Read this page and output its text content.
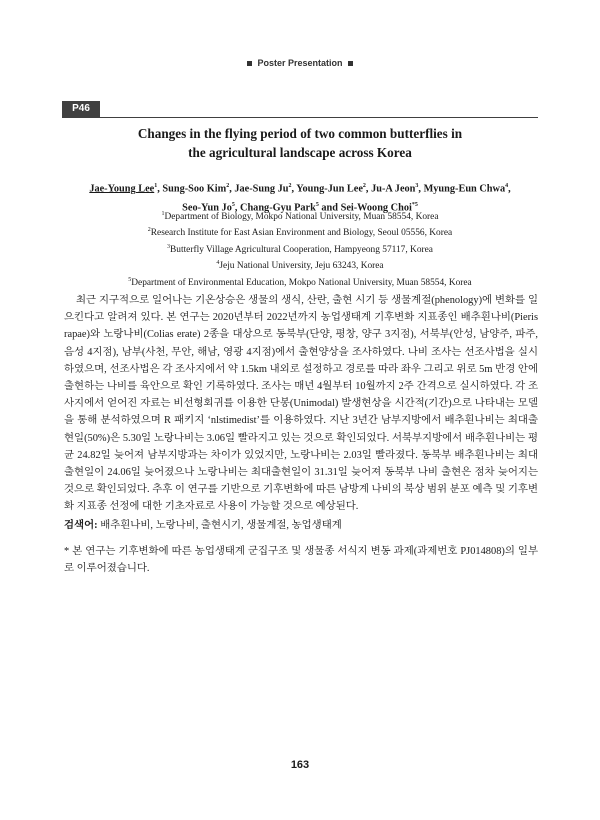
Poster Presentation
P46
Changes in the flying period of two common butterflies in
the agricultural landscape across Korea
Jae-Young Lee$^1$, Sung-Soo Kim$^2$, Jae-Sung Ju$^2$, Young-Jun Lee$^2$, Ju-A Jeon$^3$, Myung-Eun Chwa$^4$,
Seo-Yun Jo$^5$, Chang-Gyu Park$^5$ and Sei-Woong Choi$^{*5}$
$^1$Department of Biology, Mokpo National University, Muan 58554, Korea
$^2$Research Institute for East Asian Environment and Biology, Seoul 05556, Korea
$^3$Butterfly Village Agricultural Cooperation, Hampyeong 57117, Korea
$^4$Jeju National University, Jeju 63243, Korea
$^5$Department of Environmental Education, Mokpo National University, Muan 58554, Korea

최근 지구적으로 일어나는 기온상승은 생물의 생식, 산란, 출현 시기 등 생물계절(phenology)에 변화를 일으킨다고 알려져 있다. 본 연구는 2020년부터 2022년까지 농업생태계 기후변화 지표종인 배추흰나비(Pieris rapae)와 노랑나비(Colias erate) 2종을 대상으로 동북부(단양, 평창, 양구 3지점), 서북부(안성, 남양주, 파주, 음성 4지점), 남부(사천, 무안, 해남, 영광 4지점)에서 출현양상을 조사하였다. 나비 조사는 선조사법을 실시하였으며, 선조사법은 각 조사지에서 약 1.5km 내외로 설정하고 경로를 따라 좌우 그리고 위로 5m 반경 안에 출현하는 나비를 육안으로 확인 기록하였다. 조사는 매년 4월부터 10월까지 2주 간격으로 실시하였다. 각 조사지에서 얻어진 자료는 비선형회귀를 이용한 단봉(Unimodal) 발생현상을 시간적(기간)으로 나타내는 모델을 통해 분석하였으며 R 패키지 ‘nlstimedist’를 이용하였다. 지난 3년간 남부지방에서 배추흰나비는 최대출현일(50%)은 5.30일 노랑나비는 3.06일 빨라지고 있는 것으로 확인되었다. 서북부지방에서 배추흰나비는 평균 24.82일 늦어져 남부지방과는 차이가 있었지만, 노랑나비는 2.03일 빨라졌다. 동북부 배추흰나비는 최대출현일이 24.06일 늦어졌으나 노랑나비는 최대출현일이 31.31일 늦어져 동북부 나비 출현은 점차 늦어지는 것으로 확인되었다. 추후 이 연구를 기반으로 기후변화에 따른 남방계 나비의 북상 범위 분포 예측 및 기후변화 지표종 선정에 대한 기초자료로 사용이 가능할 것으로 예상된다.

검색어: 배추흰나비, 노랑나비, 출현시기, 생물계절, 농업생태계
* 본 연구는 기후변화에 따른 농업생태계 군집구조 및 생물종 서식지 변동 과제(과제번호 PJ014808)의 일부로 이루어졌습니다.
163
